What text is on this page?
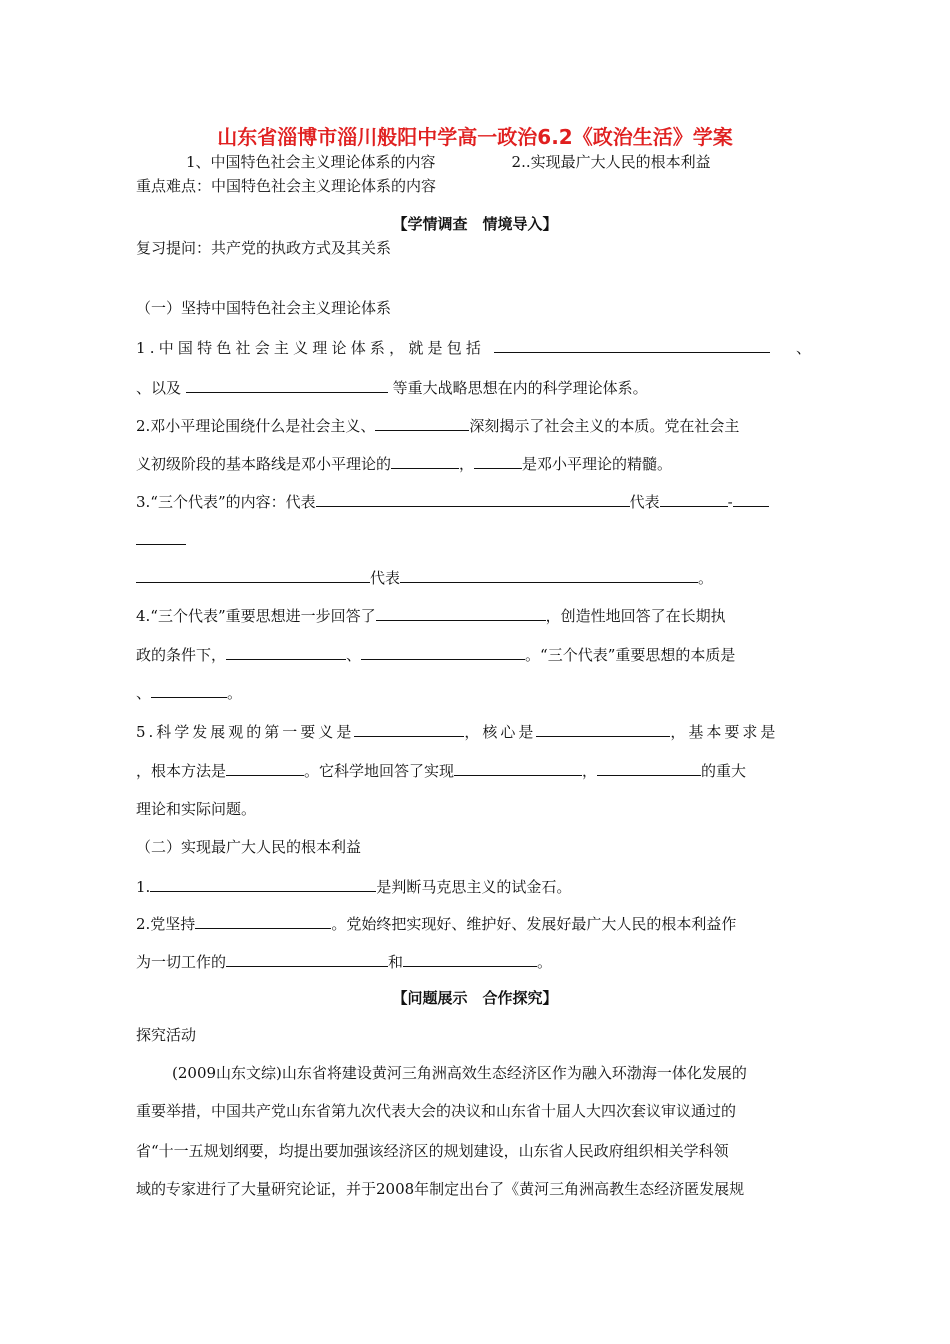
山东省淄博市淄川般阳中学高一政治6.2《政治生活》学案
1、中国特色社会主义理论体系的内容	2..实现最广大人民的根本利益
重点难点：中国特色社会主义理论体系的内容
【学情调查　情境导入】
复习提问：共产党的执政方式及其关系
（一）坚持中国特色社会主义理论体系
1.中国特色社会主义理论体系，就是包括	、
、以及	等重大战略思想在内的科学理论体系。
2.邓小平理论围绕什么是社会主义、	深刻揭示了社会主义的本质。党在社会主
义初级阶段的基本路线是邓小平理论的	，	是邓小平理论的精髓。
3.“三个代表”的内容：代表	代表	-
代表	。
4.“三个代表”重要思想进一步回答了	，创造性地回答了在长期执
政的条件下，	、	。“三个代表”重要思想的本质是
、	。
5.科学发展观的第一要义是	，核心是	，基本要求是
，根本方法是	。它科学地回答了实现	，	的重大
理论和实际问题。
（二）实现最广大人民的根本利益
1.	是判断马克思主义的试金石。
2.党坚持	。党始终把实现好、维护好、发展好最广大人民的根本利益作
为一切工作的	和	。
【问题展示　合作探究】
探究活动
(2009山东文综)山东省将建设黄河三角洲高效生态经济区作为融入环渤海一体化发展的
重要举措，中国共产党山东省第九次代表大会的决议和山东省十届人大四次套议审议通过的
省“十一五规划纲要，均提出要加强该经济区的规划建设，山东省人民政府组织相关学科领
域的专家进行了大量研究论证，并于2008年制定出台了《黄河三角洲高教生态经济匿发展规
